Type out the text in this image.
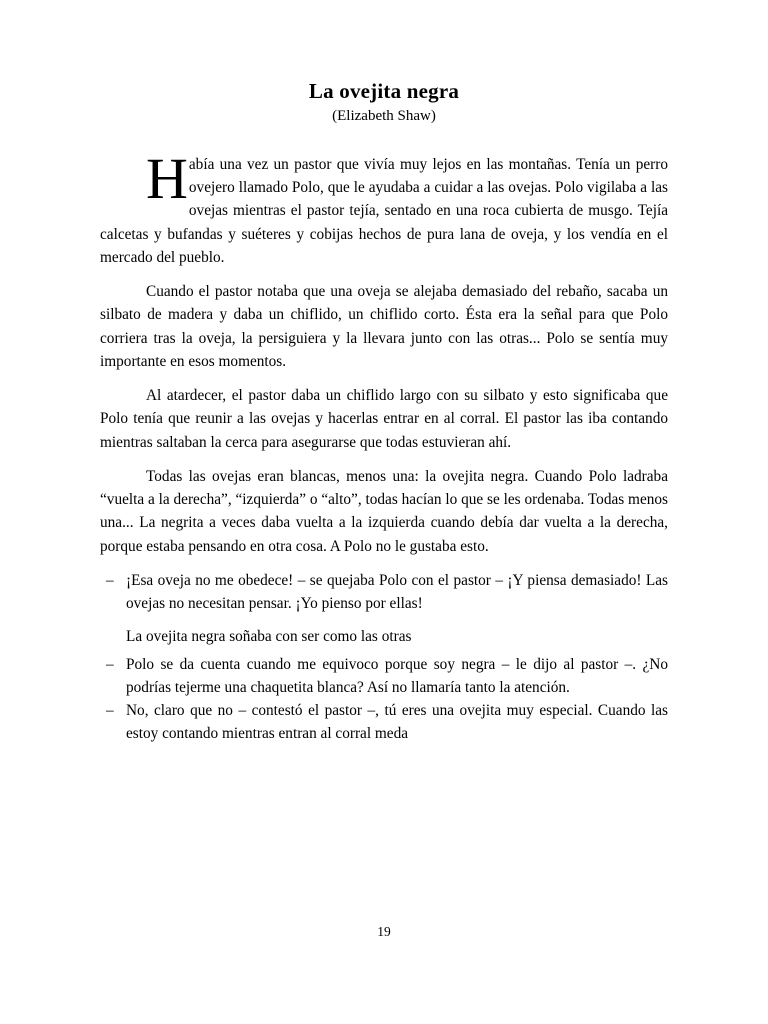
La ovejita negra
(Elizabeth Shaw)

Había una vez un pastor que vivía muy lejos en las montañas. Tenía un perro ovejero llamado Polo, que le ayudaba a cuidar a las ovejas. Polo vigilaba a las ovejas mientras el pastor tejía, sentado en una roca cubierta de musgo. Tejía calcetas y bufandas y suéteres y cobijas hechos de pura lana de oveja, y los vendía en el mercado del pueblo.

Cuando el pastor notaba que una oveja se alejaba demasiado del rebaño, sacaba un silbato de madera y daba un chiflido, un chiflido corto. Ésta era la señal para que Polo corriera tras la oveja, la persiguiera y la llevara junto con las otras... Polo se sentía muy importante en esos momentos.

Al atardecer, el pastor daba un chiflido largo con su silbato y esto significaba que Polo tenía que reunir a las ovejas y hacerlas entrar en al corral. El pastor las iba contando mientras saltaban la cerca para asegurarse que todas estuvieran ahí.

Todas las ovejas eran blancas, menos una: la ovejita negra. Cuando Polo ladraba “vuelta a la derecha”, “izquierda” o “alto”, todas hacían lo que se les ordenaba. Todas menos una... La negrita a veces daba vuelta a la izquierda cuando debía dar vuelta a la derecha, porque estaba pensando en otra cosa. A Polo no le gustaba esto.

– ¡Esa oveja no me obedece! – se quejaba Polo con el pastor – ¡Y piensa demasiado! Las ovejas no necesitan pensar. ¡Yo pienso por ellas!

La ovejita negra soñaba con ser como las otras

– Polo se da cuenta cuando me equivoco porque soy negra – le dijo al pastor –. ¿No podrías tejerme una chaquetita blanca? Así no llamaría tanto la atención.
– No, claro que no – contestó el pastor –, tú eres una ovejita muy especial. Cuando las estoy contando mientras entran al corral meda
19
